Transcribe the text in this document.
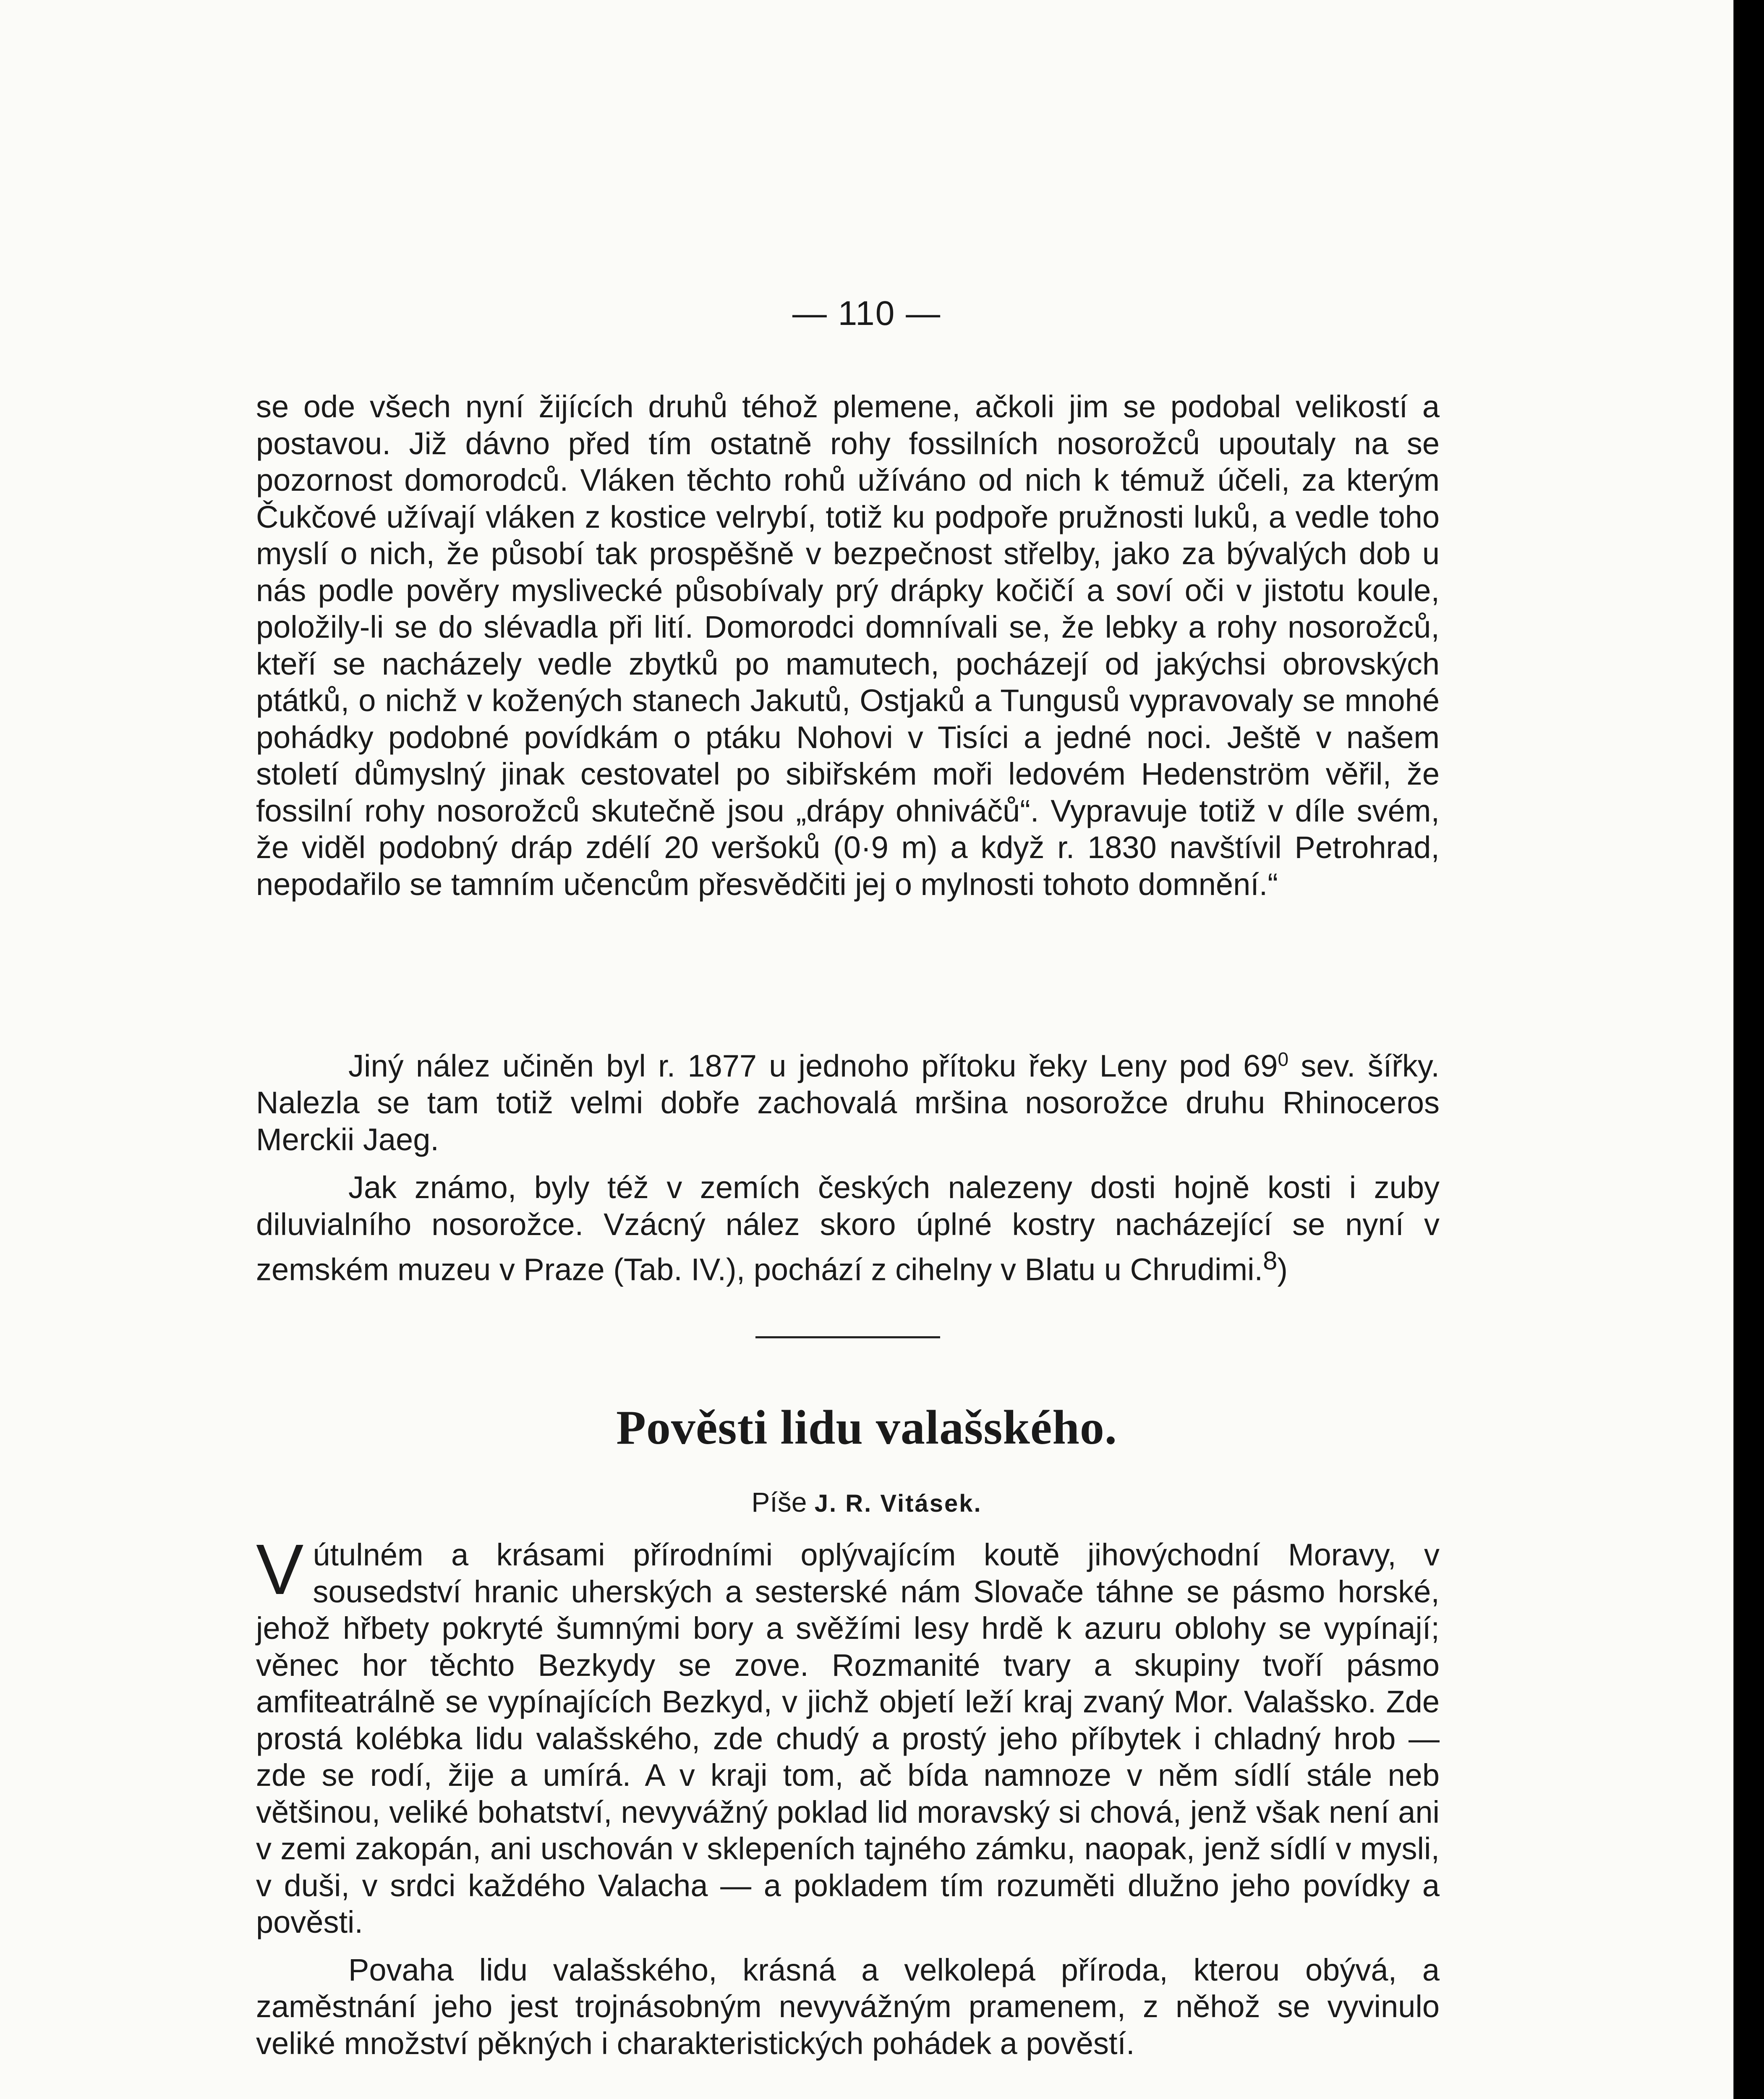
— 110 —

se ode všech nyní žijících druhů téhož plemene, ačkoli jim se podobal velikostí a postavou. Již dávno před tím ostatně rohy fossilních nosorožců upoutaly na se pozornost domorodců. Vláken těchto rohů užíváno od nich k témuž účeli, za kterým Čukčové užívají vláken z kostice velrybí, totiž ku podpoře pružnosti luků, a vedle toho myslí o nich, že působí tak prospěšně v bezpečnost střelby, jako za bývalých dob u nás podle pověry myslivecké působívaly prý drápky kočičí a soví oči v jistotu koule, položily-li se do slévadla při lití. Domorodci domnívali se, že lebky a rohy nosorožců, kteří se nacházely vedle zbytků po mamutech, pocházejí od jakýchsi obrovských ptátků, o nichž v kožených stanech Jakutů, Ostjaků a Tungusů vypravovaly se mnohé pohádky podobné povídkám o ptáku Nohovi v Tisíci a jedné noci. Ještě v našem století důmyslný jinak cestovatel po sibiřském moři ledovém Hedenström věřil, že fossilní rohy nosorožců skutečně jsou „drápy ohniváčů“. Vypravuje totiž v díle svém, že viděl podobný dráp zdélí 20 veršoků (0·9 m) a když r. 1830 navštívil Petrohrad, nepodařilo se tamním učencům přesvědčiti jej o mylnosti tohoto domnění.“

Jiný nález učiněn byl r. 1877 u jednoho přítoku řeky Leny pod $69^0$ sev. šířky. Nalezla se tam totiž velmi dobře zachovalá mršina nosorožce druhu Rhinoceros Merckii Jaeg.

Jak známo, byly též v zemích českých nalezeny dosti hojně kosti i zuby diluvialního nosorožce. Vzácný nález skoro úplné kostry nacházející se nyní v zemském muzeu v Praze (Tab. IV.), pochází z cihelny v Blatu u Chrudimi.$^8$)

Pověsti lidu valašského.
Píše J. R. Vitásek.

Vútulném a krásami přírodními oplývajícím koutě jihovýchodní Moravy, v sousedství hranic uherských a sesterské nám Slovače táhne se pásmo horské, jehož hřbety pokryté šumnými bory a svěžími lesy hrdě k azuru oblohy se vypínají; věnec hor těchto Bezkydy se zove. Rozmanité tvary a skupiny tvoří pásmo amfiteatrálně se vypínajících Bezkyd, v jichž objetí leží kraj zvaný Mor. Valašsko. Zde prostá kolébka lidu valašského, zde chudý a prostý jeho příbytek i chladný hrob — zde se rodí, žije a umírá. A v kraji tom, ač bída namnoze v něm sídlí stále neb většinou, veliké bohatství, nevyvážný poklad lid moravský si chová, jenž však není ani v zemi zakopán, ani uschován v sklepeních tajného zámku, naopak, jenž sídlí v mysli, v duši, v srdci každého Valacha — a pokladem tím rozuměti dlužno jeho povídky a pověsti.

Povaha lidu valašského, krásná a velkolepá příroda, kterou obývá, a zaměstnání jeho jest trojnásobným nevyvážným pramenem, z něhož se vyvinulo veliké množství pěkných i charakteristických pohádek a pověstí.
